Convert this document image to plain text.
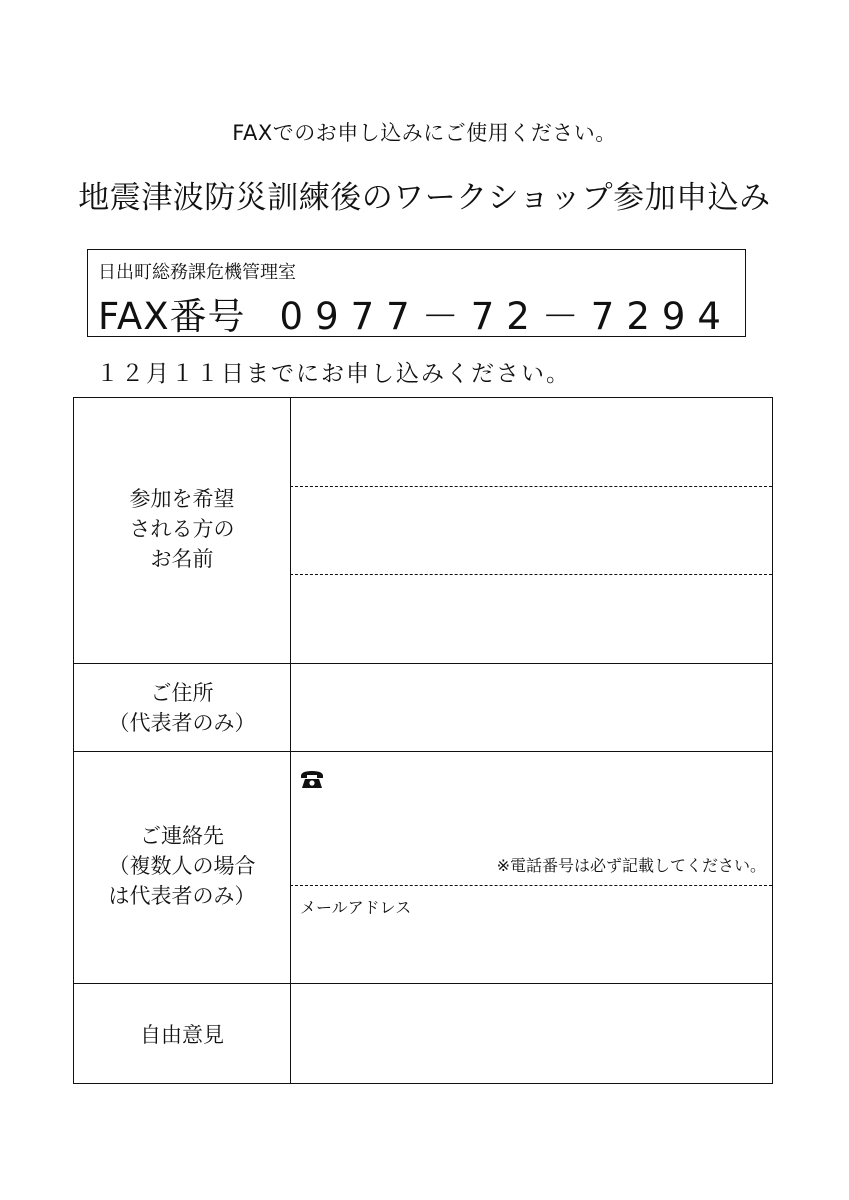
FAXでのお申し込みにご使用ください。
地震津波防災訓練後のワークショップ参加申込み
日出町総務課危機管理室
FAX番号 0977－72－7294
１２月１１日までにお申し込みください。
参加を希望
される方の
お名前
ご住所
（代表者のみ）
※電話番号は必ず記載してください。
メールアドレス
ご連絡先
（複数人の場合
は代表者のみ）
自由意見
